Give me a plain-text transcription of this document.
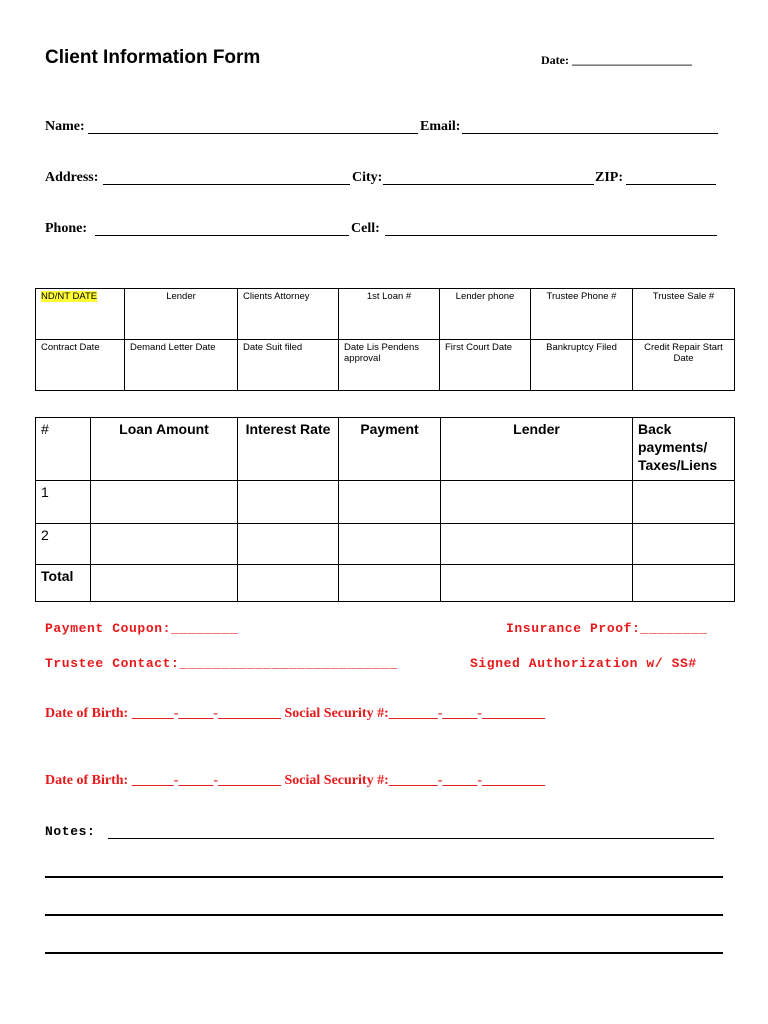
Client Information Form	Date: ____________________
Name:	Email:
Address:	City:	ZIP:
Phone:	Cell:
ND/NT DATE	Lender	Clients Attorney	1st Loan #	Lender phone	Trustee Phone #	Trustee Sale #
Contract Date	Demand Letter Date	Date Suit filed	Date Lis Pendens approval	First Court Date	Bankruptcy Filed	Credit Repair Start Date
#	Loan Amount	Interest Rate	Payment	Lender	Back payments/ Taxes/Liens
1					
2					
Total					
Payment Coupon:________	Insurance Proof:________
Trustee Contact:__________________________	Signed Authorization w/ SS#
Date of Birth: ______-_____-_________ Social Security #:_______-_____-_________
Date of Birth: ______-_____-_________ Social Security #:_______-_____-_________
Notes:
